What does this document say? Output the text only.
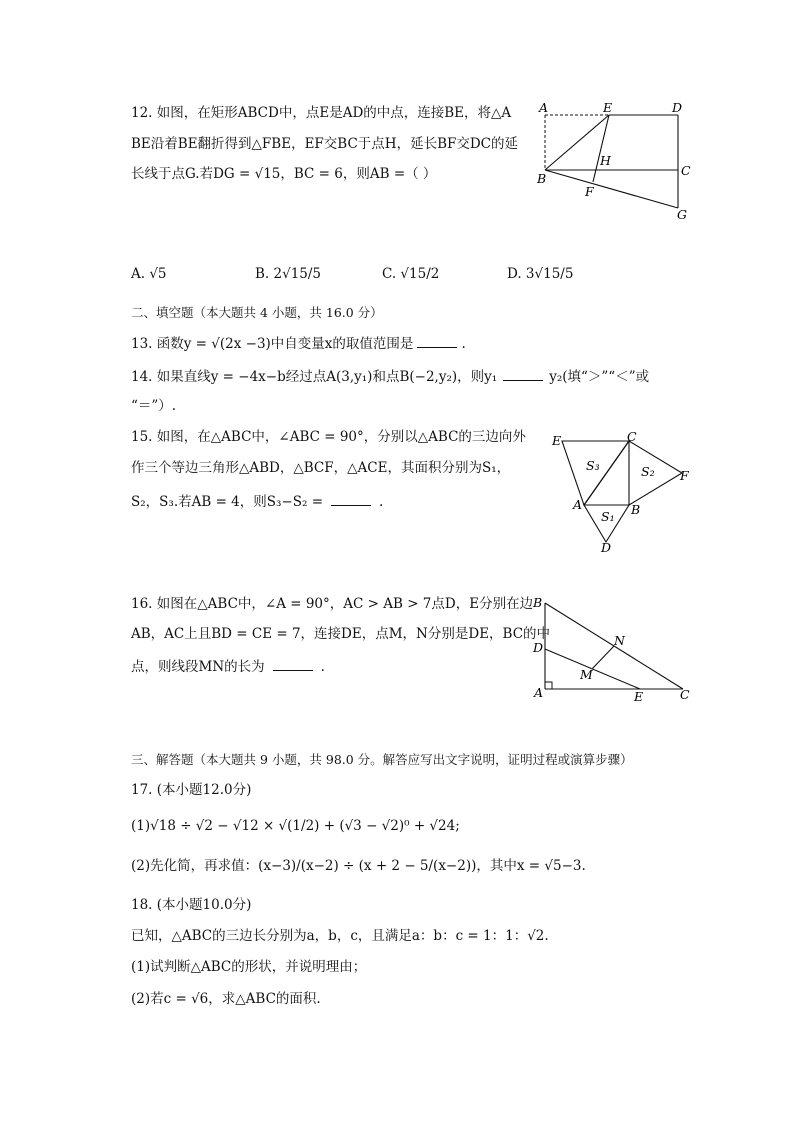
12. 如图，在矩形ABCD中，点E是AD的中点，连接BE，将△A
BE沿着BE翻折得到△FBE，EF交BC于点H，延长BF交DC的延
长线于点G.若DG = √15，BC = 6，则AB =（ ）
A	E	D
H
C
B
F
G
A. √5	B. 2√15/5	C. √15/2	D. 3√15/5
二、填空题（本大题共 4 小题，共 16.0 分）
13. 函数y = √(2x −3)中自变量x的取值范围是	.
14. 如果直线y = −4x−b经过点A(3,y₁)和点B(−2,y₂)，则y₁	y₂(填“＞”“＜”或
“＝”）.
15. 如图，在△ABC中，∠ABC = 90°，分别以△ABC的三边向外
作三个等边三角形△ABD，△BCF，△ACE，其面积分别为S₁，
S₂，S₃.若AB = 4，则S₃−S₂ =	.
E	C
S₃	S₂ F
A	B
S₁
D
16. 如图在△ABC中，∠A = 90°，AC > AB > 7点D，E分别在边
AB，AC上且BD = CE = 7，连接DE，点M，N分别是DE，BC的中
点，则线段MN的长为	.
B
N
D
M
A	E	C
三、解答题（本大题共 9 小题，共 98.0 分。解答应写出文字说明，证明过程或演算步骤）
17. (本小题12.0分)
(1)√18 ÷ √2 − √12 × √(1/2) + (√3 − √2)⁰ + √24;
(2)先化简，再求值：(x−3)/(x−2) ÷ (x + 2 − 5/(x−2))，其中x = √5−3.
18. (本小题10.0分)
已知，△ABC的三边长分别为a，b，c，且满足a：b：c = 1：1：√2.
(1)试判断△ABC的形状，并说明理由；
(2)若c = √6，求△ABC的面积.
